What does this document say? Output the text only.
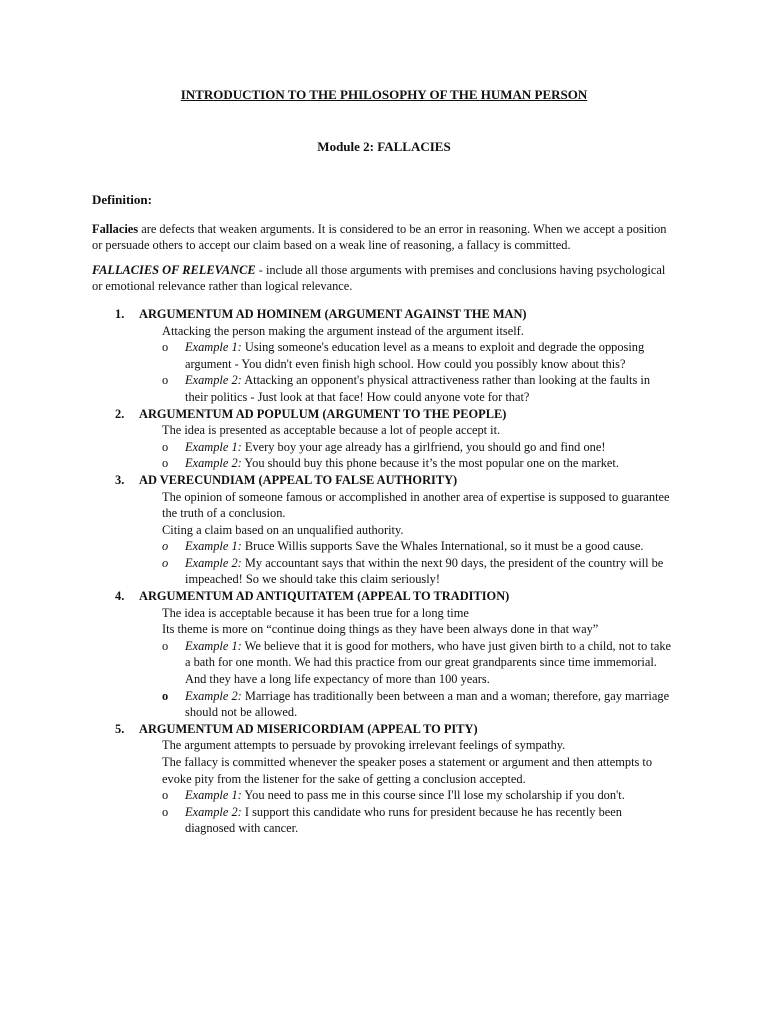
INTRODUCTION TO THE PHILOSOPHY OF THE HUMAN PERSON
Module 2: FALLACIES
Definition:

Fallacies are defects that weaken arguments. It is considered to be an error in reasoning. When we accept a position or persuade others to accept our claim based on a weak line of reasoning, a fallacy is committed.

FALLACIES OF RELEVANCE - include all those arguments with premises and conclusions having psychological or emotional relevance rather than logical relevance.

1. ARGUMENTUM AD HOMINEM (ARGUMENT AGAINST THE MAN)
Attacking the person making the argument instead of the argument itself.
o	Example 1: Using someone's education level as a means to exploit and degrade the opposing argument - You didn't even finish high school. How could you possibly know about this?
o	Example 2: Attacking an opponent's physical attractiveness rather than looking at the faults in their politics - Just look at that face! How could anyone vote for that?
2. ARGUMENTUM AD POPULUM (ARGUMENT TO THE PEOPLE)
The idea is presented as acceptable because a lot of people accept it.
o	Example 1: Every boy your age already has a girlfriend, you should go and find one!
o	Example 2: You should buy this phone because it’s the most popular one on the market.
3. AD VERECUNDIAM (APPEAL TO FALSE AUTHORITY)
The opinion of someone famous or accomplished in another area of expertise is supposed to guarantee the truth of a conclusion.
Citing a claim based on an unqualified authority.
o	Example 1: Bruce Willis supports Save the Whales International, so it must be a good cause.
o	Example 2: My accountant says that within the next 90 days, the president of the country will be impeached! So we should take this claim seriously!
4. ARGUMENTUM AD ANTIQUITATEM (APPEAL TO TRADITION)
The idea is acceptable because it has been true for a long time
Its theme is more on “continue doing things as they have been always done in that way”
o	Example 1: We believe that it is good for mothers, who have just given birth to a child, not to take a bath for one month. We had this practice from our great grandparents since time immemorial. And they have a long life expectancy of more than 100 years.
o	Example 2: Marriage has traditionally been between a man and a woman; therefore, gay marriage should not be allowed.
5. ARGUMENTUM AD MISERICORDIAM (APPEAL TO PITY)
The argument attempts to persuade by provoking irrelevant feelings of sympathy.
The fallacy is committed whenever the speaker poses a statement or argument and then attempts to evoke pity from the listener for the sake of getting a conclusion accepted.
o	Example 1: You need to pass me in this course since I'll lose my scholarship if you don't.
o	Example 2: I support this candidate who runs for president because he has recently been diagnosed with cancer.
